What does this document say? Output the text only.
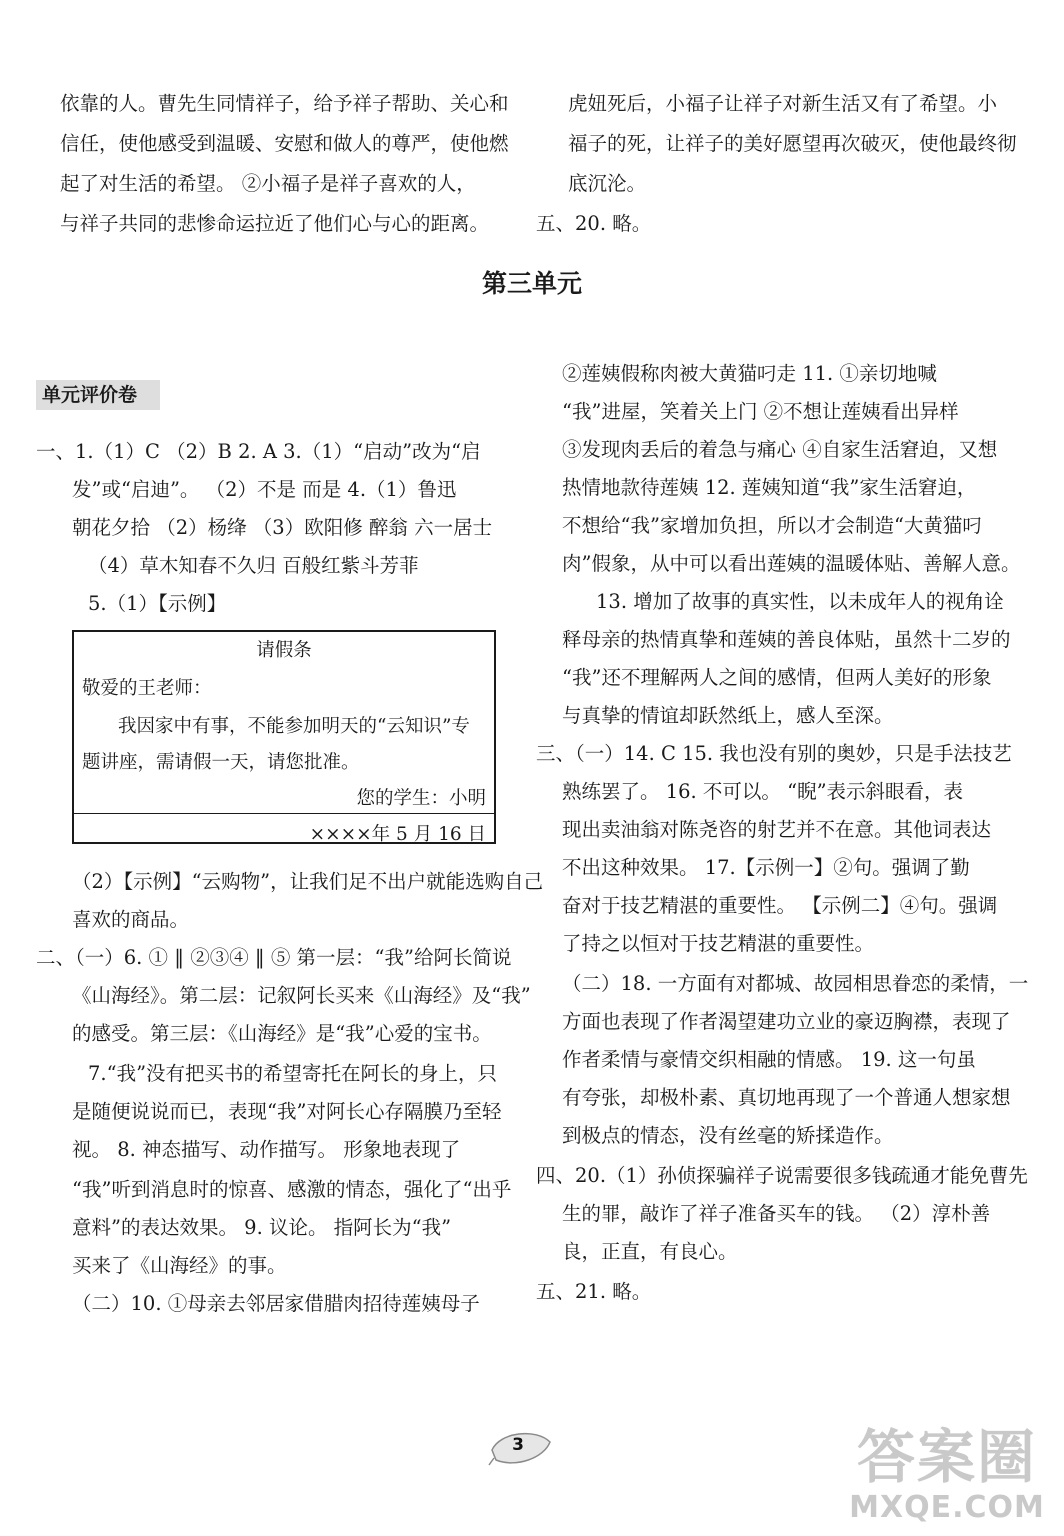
依靠的人。曹先生同情祥子，给予祥子帮助、关心和
信任，使他感受到温暖、安慰和做人的尊严，使他燃
起了对生活的希望。 ②小福子是祥子喜欢的人，
与祥子共同的悲惨命运拉近了他们心与心的距离。
虎妞死后，小福子让祥子对新生活又有了希望。小
福子的死，让祥子的美好愿望再次破灭，使他最终彻
底沉沦。
五、20. 略。
第三单元
单元评价卷
一、1.（1）C （2）B 2. A 3.（1）“启动”改为“启
发”或“启迪”。 （2）不是 而是 4.（1）鲁迅
朝花夕拾 （2）杨绛 （3）欧阳修 醉翁 六一居士
（4）草木知春不久归 百般红紫斗芳菲
5.（1）【示例】
请假条
敬爱的王老师：
我因家中有事，不能参加明天的“云知识”专
题讲座，需请假一天，请您批准。
您的学生：小明
××××年 5 月 16 日
（2）【示例】“云购物”，让我们足不出户就能选购自己
喜欢的商品。
二、（一）6. ① ‖ ②③④ ‖ ⑤ 第一层：“我”给阿长简说
《山海经》。第二层：记叙阿长买来《山海经》及“我”
的感受。第三层：《山海经》是“我”心爱的宝书。
7.“我”没有把买书的希望寄托在阿长的身上，只
是随便说说而已，表现“我”对阿长心存隔膜乃至轻
视。 8. 神态描写、动作描写。 形象地表现了
“我”听到消息时的惊喜、感激的情态，强化了“出乎
意料”的表达效果。 9. 议论。 指阿长为“我”
买来了《山海经》的事。
（二）10. ①母亲去邻居家借腊肉招待莲姨母子
②莲姨假称肉被大黄猫叼走 11. ①亲切地喊
“我”进屋，笑着关上门 ②不想让莲姨看出异样
③发现肉丢后的着急与痛心 ④自家生活窘迫，又想
热情地款待莲姨 12. 莲姨知道“我”家生活窘迫，
不想给“我”家增加负担，所以才会制造“大黄猫叼
肉”假象，从中可以看出莲姨的温暖体贴、善解人意。
13. 增加了故事的真实性，以未成年人的视角诠
释母亲的热情真挚和莲姨的善良体贴，虽然十二岁的
“我”还不理解两人之间的感情，但两人美好的形象
与真挚的情谊却跃然纸上，感人至深。
三、（一）14. C 15. 我也没有别的奥妙，只是手法技艺
熟练罢了。 16. 不可以。 “睨”表示斜眼看，表
现出卖油翁对陈尧咨的射艺并不在意。其他词表达
不出这种效果。 17.【示例一】②句。强调了勤
奋对于技艺精湛的重要性。 【示例二】④句。强调
了持之以恒对于技艺精湛的重要性。
（二）18. 一方面有对都城、故园相思眷恋的柔情，一
方面也表现了作者渴望建功立业的豪迈胸襟，表现了
作者柔情与豪情交织相融的情感。 19. 这一句虽
有夸张，却极朴素、真切地再现了一个普通人想家想
到极点的情态，没有丝毫的矫揉造作。
四、20.（1）孙侦探骗祥子说需要很多钱疏通才能免曹先
生的罪，敲诈了祥子准备买车的钱。 （2）淳朴善
良，正直，有良心。
五、21. 略。
3	答案圈
MXQE.COM
